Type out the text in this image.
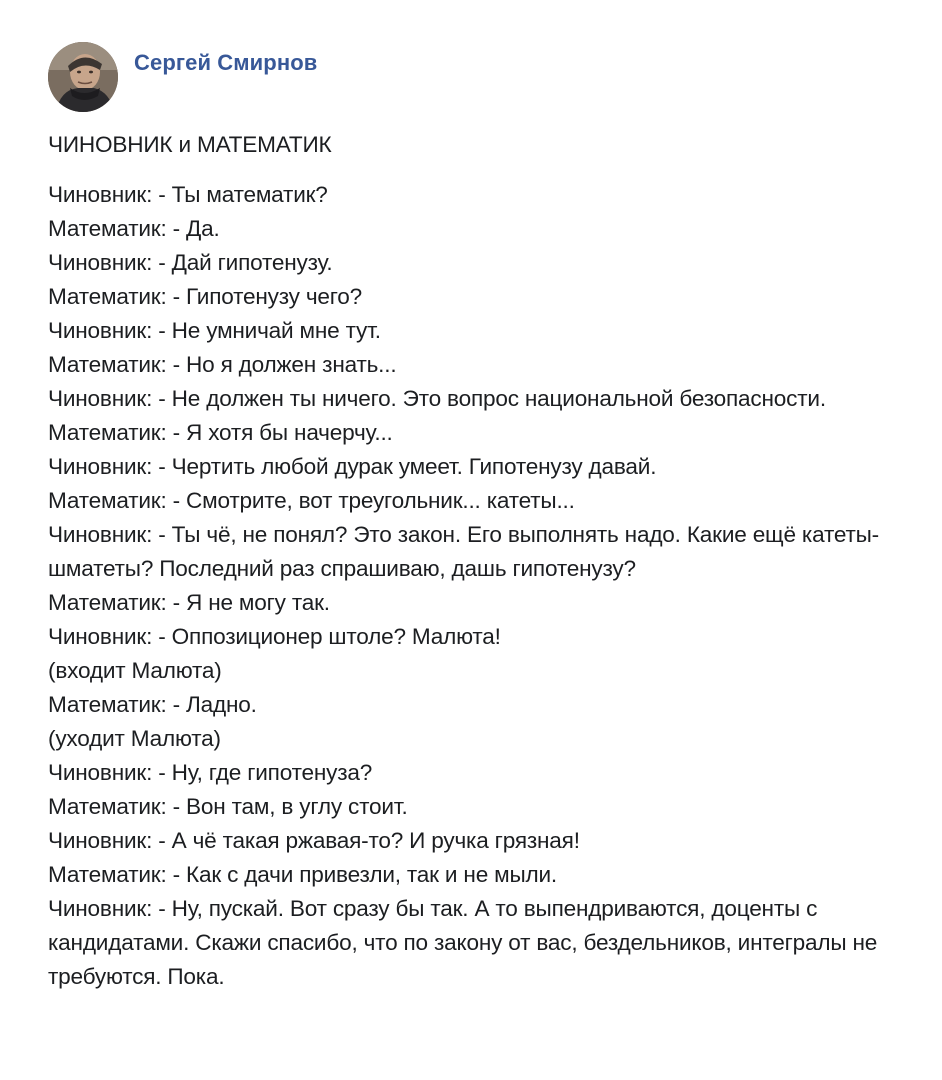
Сергей Смирнов
ЧИНОВНИК и МАТЕМАТИК
Чиновник: - Ты математик?
Математик: - Да.
Чиновник: - Дай гипотенузу.
Математик: - Гипотенузу чего?
Чиновник: - Не умничай мне тут.
Математик: - Но я должен знать...
Чиновник: - Не должен ты ничего. Это вопрос национальной безопасности.
Математик: - Я хотя бы начерчу...
Чиновник: - Чертить любой дурак умеет. Гипотенузу давай.
Математик: - Смотрите, вот треугольник... катеты...
Чиновник: - Ты чё, не понял? Это закон. Его выполнять надо. Какие ещё катеты-шматеты? Последний раз спрашиваю, дашь гипотенузу?
Математик: - Я не могу так.
Чиновник: - Оппозиционер штоле? Малюта!
(входит Малюта)
Математик: - Ладно.
(уходит Малюта)
Чиновник: - Ну, где гипотенуза?
Математик: - Вон там, в углу стоит.
Чиновник: - А чё такая ржавая-то? И ручка грязная!
Математик: - Как с дачи привезли, так и не мыли.
Чиновник: - Ну, пускай. Вот сразу бы так. А то выпендриваются, доценты с кандидатами. Скажи спасибо, что по закону от вас, бездельников, интегралы не требуются. Пока.
